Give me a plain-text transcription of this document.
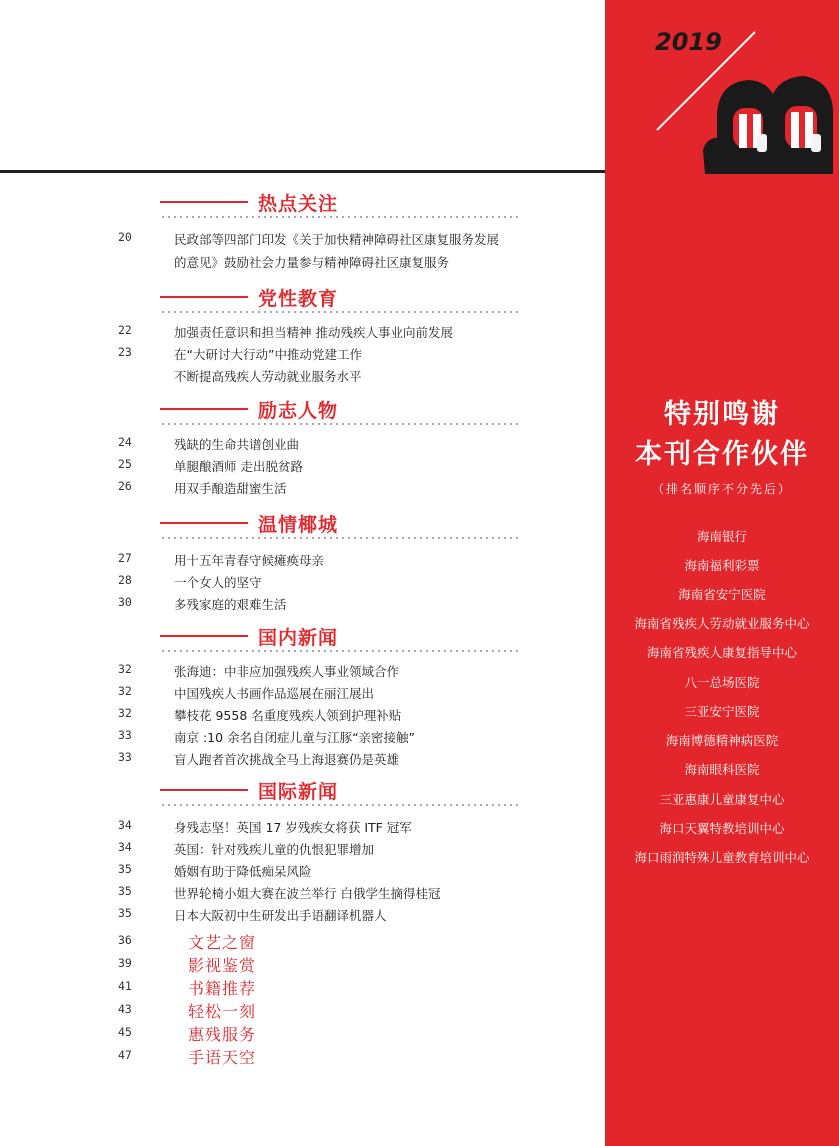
热点关注
20	民政部等四部门印发《关于加快精神障碍社区康复服务发展
的意见》鼓励社会力量参与精神障碍社区康复服务
党性教育
22	加强责任意识和担当精神 推动残疾人事业向前发展
23	在“大研讨大行动”中推动党建工作
不断提高残疾人劳动就业服务水平
励志人物
24	残缺的生命共谱创业曲
25	单腿酿酒师 走出脱贫路
26	用双手酿造甜蜜生活
温情椰城
27	用十五年青春守候瘫痪母亲
28	一个女人的坚守
30	多残家庭的艰难生活
国内新闻
32	张海迪：中非应加强残疾人事业领域合作
32	中国残疾人书画作品巡展在丽江展出
32	攀枝花 9558 名重度残疾人领到护理补贴
33	南京 :10 余名自闭症儿童与江豚“亲密接触”
33	盲人跑者首次挑战全马上海退赛仍是英雄
国际新闻
34	身残志坚！英国 17 岁残疾女将获 ITF 冠军
34	英国：针对残疾儿童的仇恨犯罪增加
35	婚姻有助于降低痴呆风险
35	世界轮椅小姐大赛在波兰举行 白俄学生摘得桂冠
35	日本大阪初中生研发出手语翻译机器人
36	文艺之窗
39	影视鉴赏
41	书籍推荐
43	轻松一刻
45	惠残服务
47	手语天空
2019
特别鸣谢
本刊合作伙伴
（排名顺序不分先后）
海南银行
海南福利彩票
海南省安宁医院
海南省残疾人劳动就业服务中心
海南省残疾人康复指导中心
八一总场医院
三亚安宁医院
海南博德精神病医院
海南眼科医院
三亚惠康儿童康复中心
海口天翼特教培训中心
海口雨润特殊儿童教育培训中心
